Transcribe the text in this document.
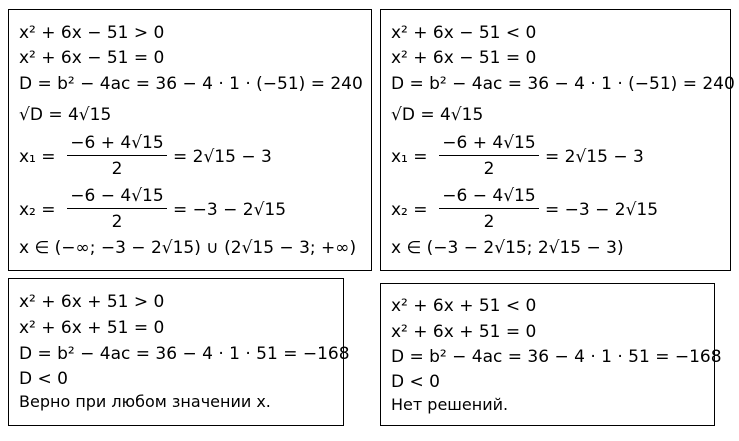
x² + 6x − 51 > 0
x² + 6x − 51 = 0
D = b² − 4ac = 36 − 4 · 1 · (−51) = 240
√D = 4√15
x₁ =
−6 + 4√15
2
= 2√15 − 3
x₂ =
−6 − 4√15
2
= −3 − 2√15
x ∈ (−∞; −3 − 2√15) ∪ (2√15 − 3; +∞)
x² + 6x − 51 < 0
x² + 6x − 51 = 0
D = b² − 4ac = 36 − 4 · 1 · (−51) = 240
√D = 4√15
x₁ =
−6 + 4√15
2
= 2√15 − 3
x₂ =
−6 − 4√15
2
= −3 − 2√15
x ∈ (−3 − 2√15; 2√15 − 3)
x² + 6x + 51 > 0
x² + 6x + 51 = 0
D = b² − 4ac = 36 − 4 · 1 · 51 = −168
D < 0
Верно при любом значении x.
x² + 6x + 51 < 0
x² + 6x + 51 = 0
D = b² − 4ac = 36 − 4 · 1 · 51 = −168
D < 0
Нет решений.
